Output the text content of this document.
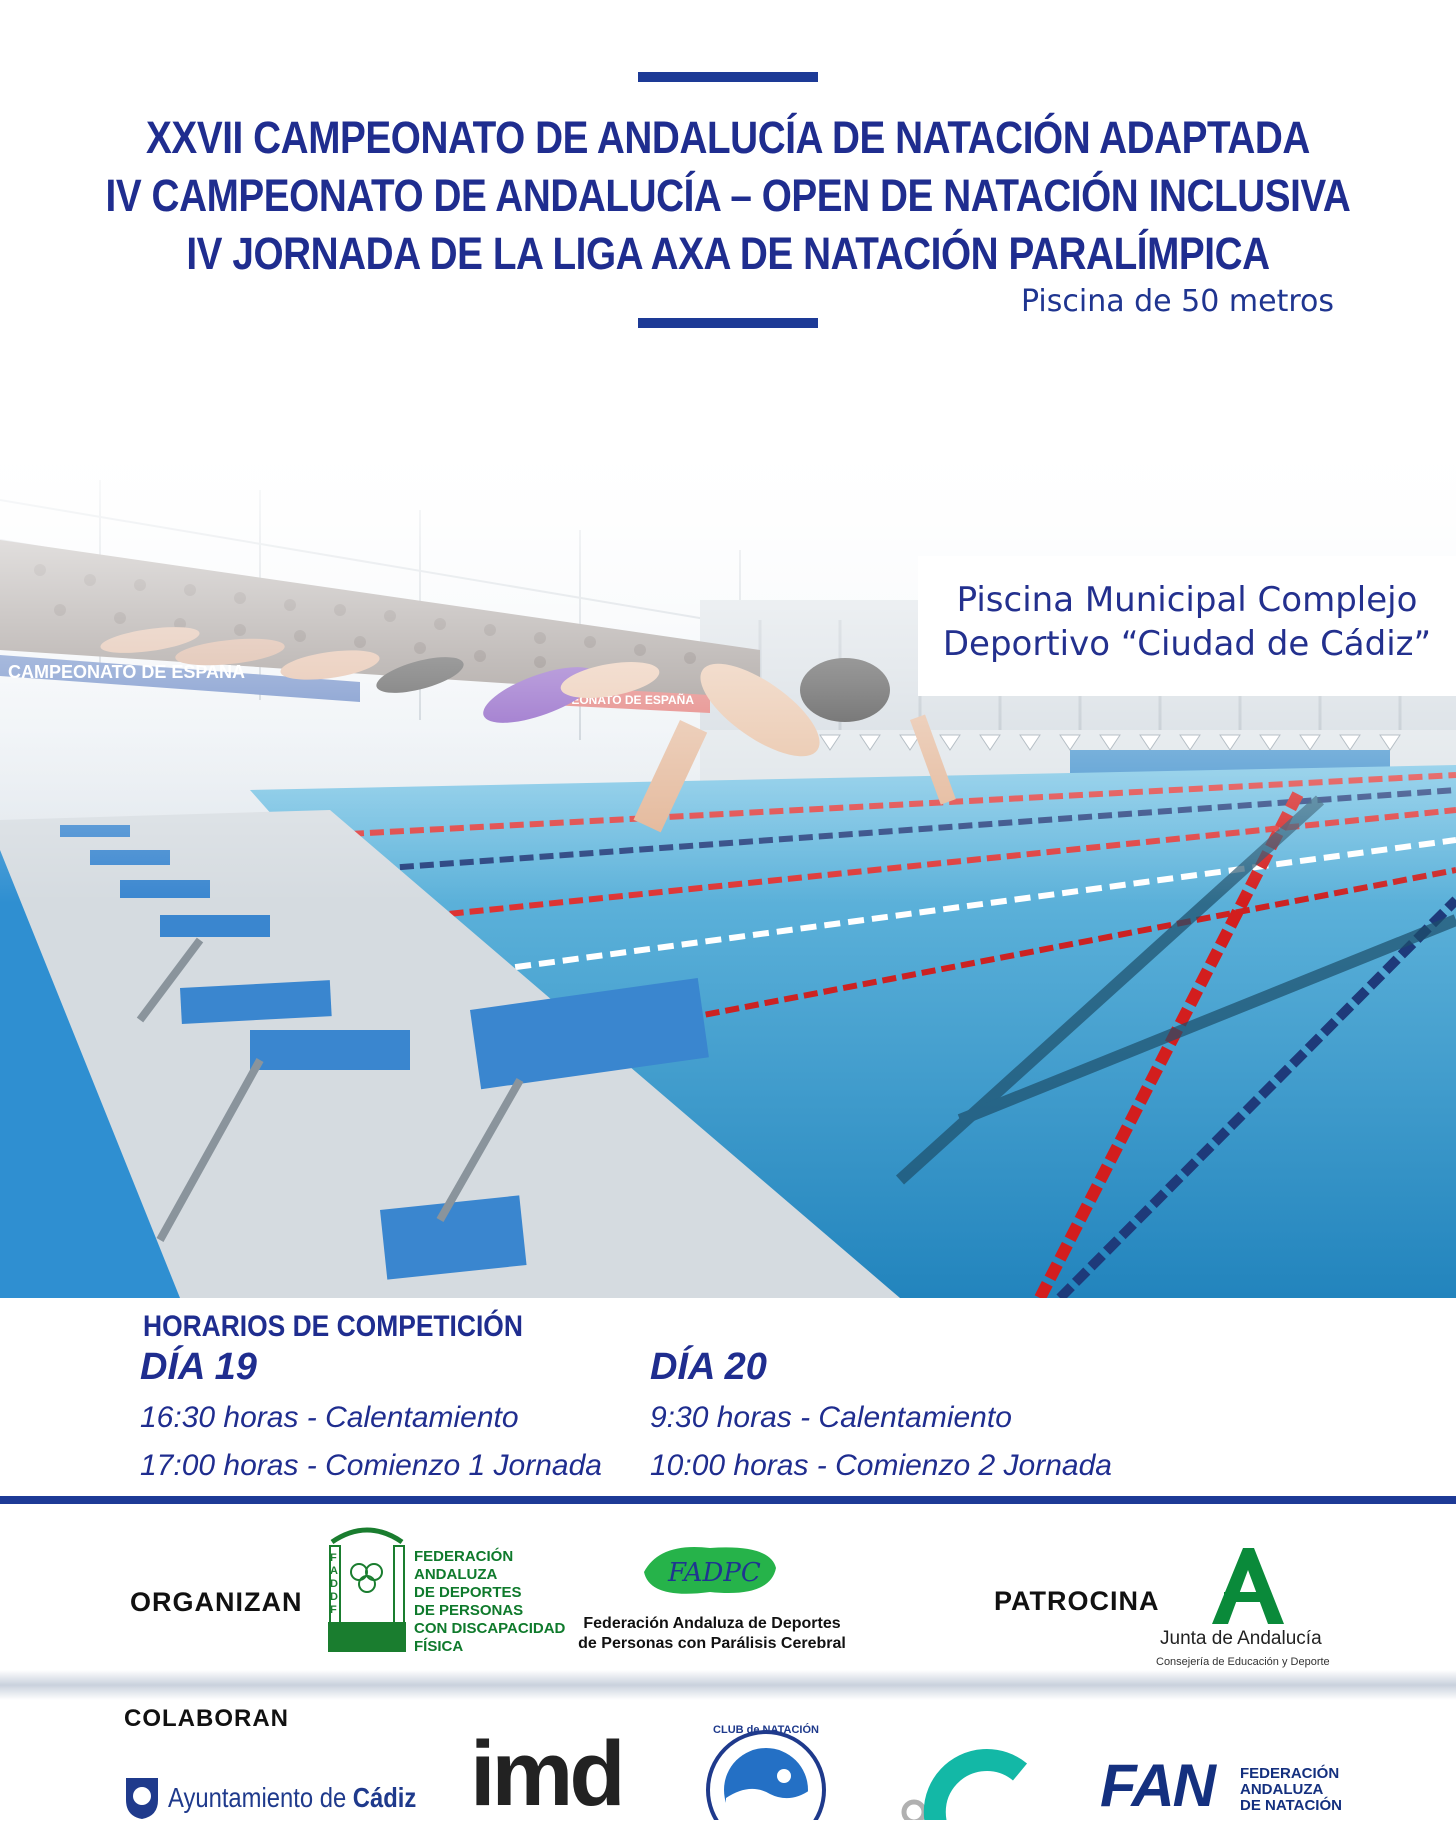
XXVII CAMPEONATO DE ANDALUCÍA DE NATACIÓN ADAPTADA
IV CAMPEONATO DE ANDALUCÍA – OPEN DE NATACIÓN INCLUSIVA
IV JORNADA DE LA LIGA AXA DE NATACIÓN PARALÍMPICA
Piscina de 50 metros
Piscina Municipal Complejo
Deportivo “Ciudad de Cádiz”
HORARIOS DE COMPETICIÓN
DÍA 19
16:30 horas - Calentamiento
17:00 horas - Comienzo 1 Jornada
DÍA 20
9:30 horas - Calentamiento
10:00 horas - Comienzo 2 Jornada
ORGANIZAN
FADDF
FEDERACIÓN
ANDALUZA
DE DEPORTES
DE PERSONAS
CON DISCAPACIDAD
FÍSICA
FADPC
Federación Andaluza de Deportes
de Personas con Parálisis Cerebral
PATROCINA
Junta de Andalucía
Consejería de Educación y Deporte
COLABORAN
Ayuntamiento de Cádiz imd	CLUB de NATACIÓN
Adaptada	FAN FEDERACIÓN
ANDALUZA
DE NATACIÓN
